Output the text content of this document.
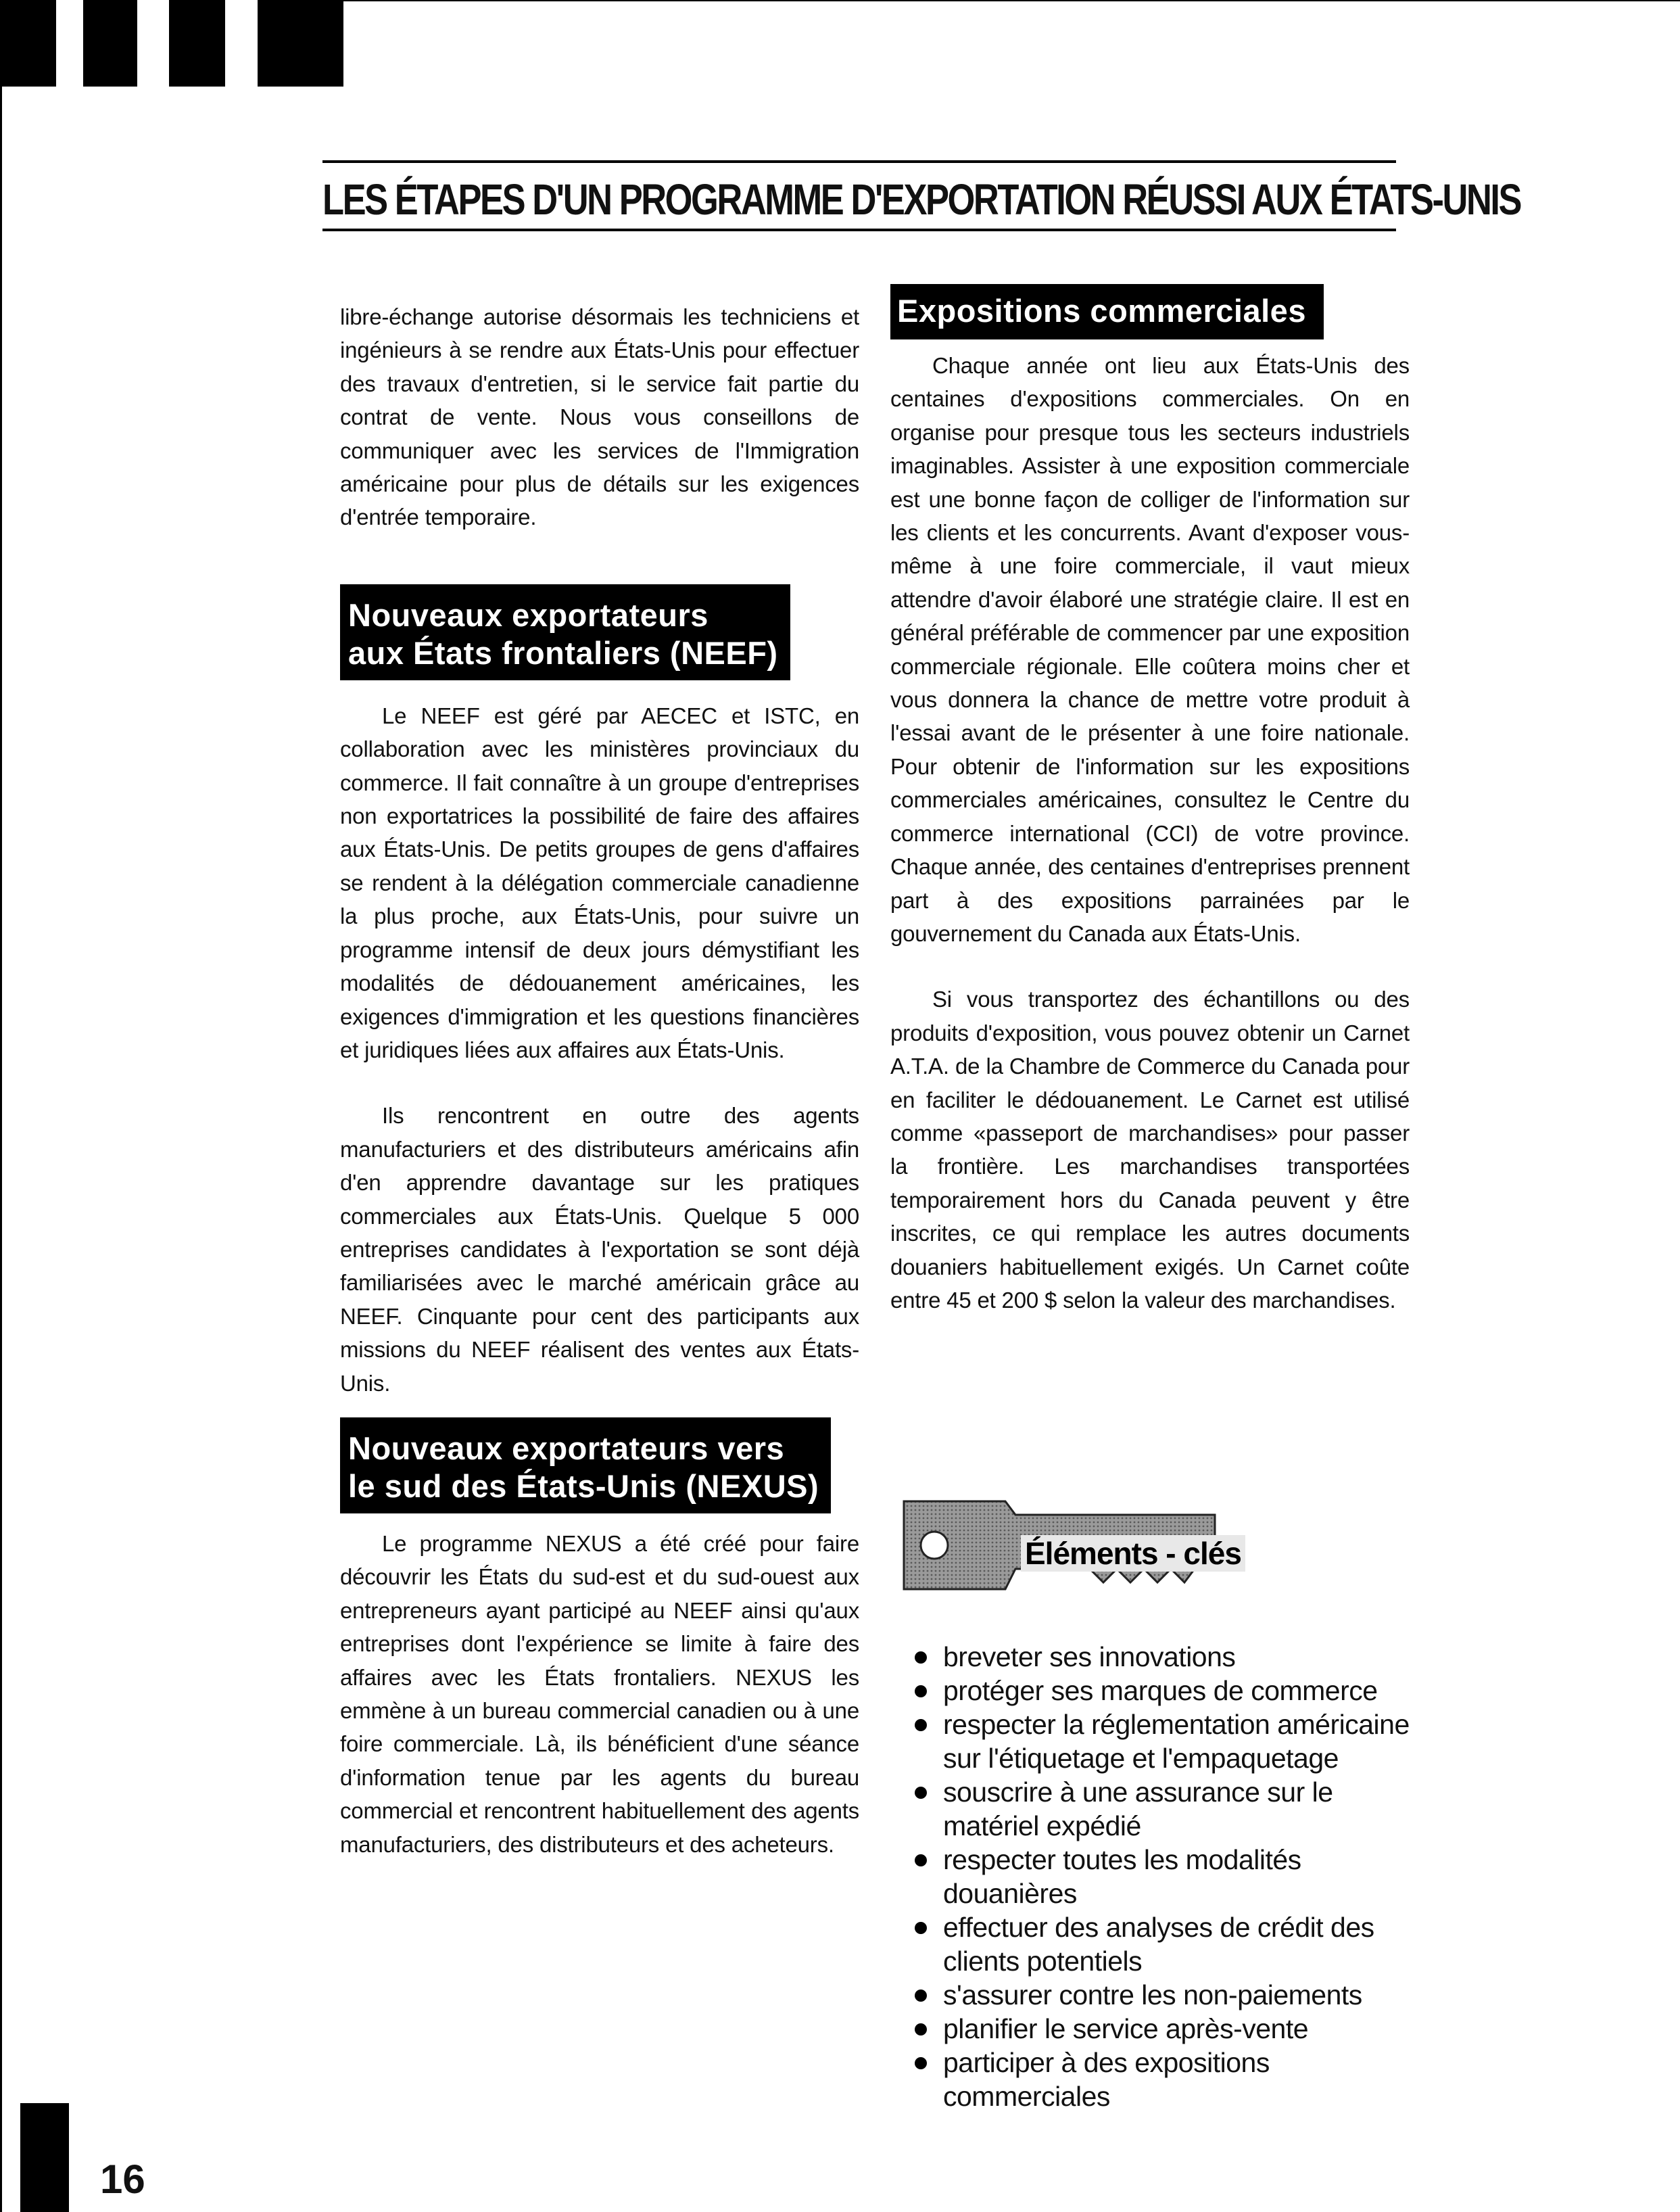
LES ÉTAPES D'UN PROGRAMME D'EXPORTATION RÉUSSI AUX ÉTATS-UNIS

libre-échange autorise désormais les techniciens et ingénieurs à se rendre aux États-Unis pour effectuer des travaux d'entretien, si le service fait partie du contrat de vente. Nous vous conseillons de communiquer avec les services de l'Immigration américaine pour plus de détails sur les exigences d'entrée temporaire.

Nouveaux exportateurs
aux États frontaliers (NEEF)

Le NEEF est géré par AECEC et ISTC, en collaboration avec les ministères provinciaux du commerce. Il fait connaître à un groupe d'entreprises non exportatrices la possibilité de faire des affaires aux États-Unis. De petits groupes de gens d'affaires se rendent à la délégation commerciale canadienne la plus proche, aux États-Unis, pour suivre un programme intensif de deux jours démystifiant les modalités de dédouanement américaines, les exigences d'immigration et les questions financières et juridiques liées aux affaires aux États-Unis.

Ils rencontrent en outre des agents manufacturiers et des distributeurs américains afin d'en apprendre davantage sur les pratiques commerciales aux États-Unis. Quelque 5 000 entreprises candidates à l'exportation se sont déjà familiarisées avec le marché américain grâce au NEEF. Cinquante pour cent des participants aux missions du NEEF réalisent des ventes aux États-Unis.

Nouveaux exportateurs vers
le sud des États-Unis (NEXUS)

Le programme NEXUS a été créé pour faire découvrir les États du sud-est et du sud-ouest aux entrepreneurs ayant participé au NEEF ainsi qu'aux entreprises dont l'expérience se limite à faire des affaires avec les États frontaliers. NEXUS les emmène à un bureau commercial canadien ou à une foire commerciale. Là, ils bénéficient d'une séance d'information tenue par les agents du bureau commercial et rencontrent habituellement des agents manufacturiers, des distributeurs et des acheteurs.

Expositions commerciales

Chaque année ont lieu aux États-Unis des centaines d'expositions commerciales. On en organise pour presque tous les secteurs industriels imaginables. Assister à une exposition commerciale est une bonne façon de colliger de l'information sur les clients et les concurrents. Avant d'exposer vous-même à une foire commerciale, il vaut mieux attendre d'avoir élaboré une stratégie claire. Il est en général préférable de commencer par une exposition commerciale régionale. Elle coûtera moins cher et vous donnera la chance de mettre votre produit à l'essai avant de le présenter à une foire nationale. Pour obtenir de l'information sur les expositions commerciales américaines, consultez le Centre du commerce international (CCI) de votre province. Chaque année, des centaines d'entreprises prennent part à des expositions parrainées par le gouvernement du Canada aux États-Unis.

Si vous transportez des échantillons ou des produits d'exposition, vous pouvez obtenir un Carnet A.T.A. de la Chambre de Commerce du Canada pour en faciliter le dédouanement. Le Carnet est utilisé comme «passeport de marchandises» pour passer la frontière. Les marchandises transportées temporairement hors du Canada peuvent y être inscrites, ce qui remplace les autres documents douaniers habituellement exigés. Un Carnet coûte entre 45 et 200 $ selon la valeur des marchandises.

Éléments - clés
breveter ses innovations
protéger ses marques de commerce
respecter la réglementation américaine sur l'étiquetage et l'empaquetage
souscrire à une assurance sur le matériel expédié
respecter toutes les modalités douanières
effectuer des analyses de crédit des clients potentiels
s'assurer contre les non-paiements
planifier le service après-vente
participer à des expositions commerciales
16
